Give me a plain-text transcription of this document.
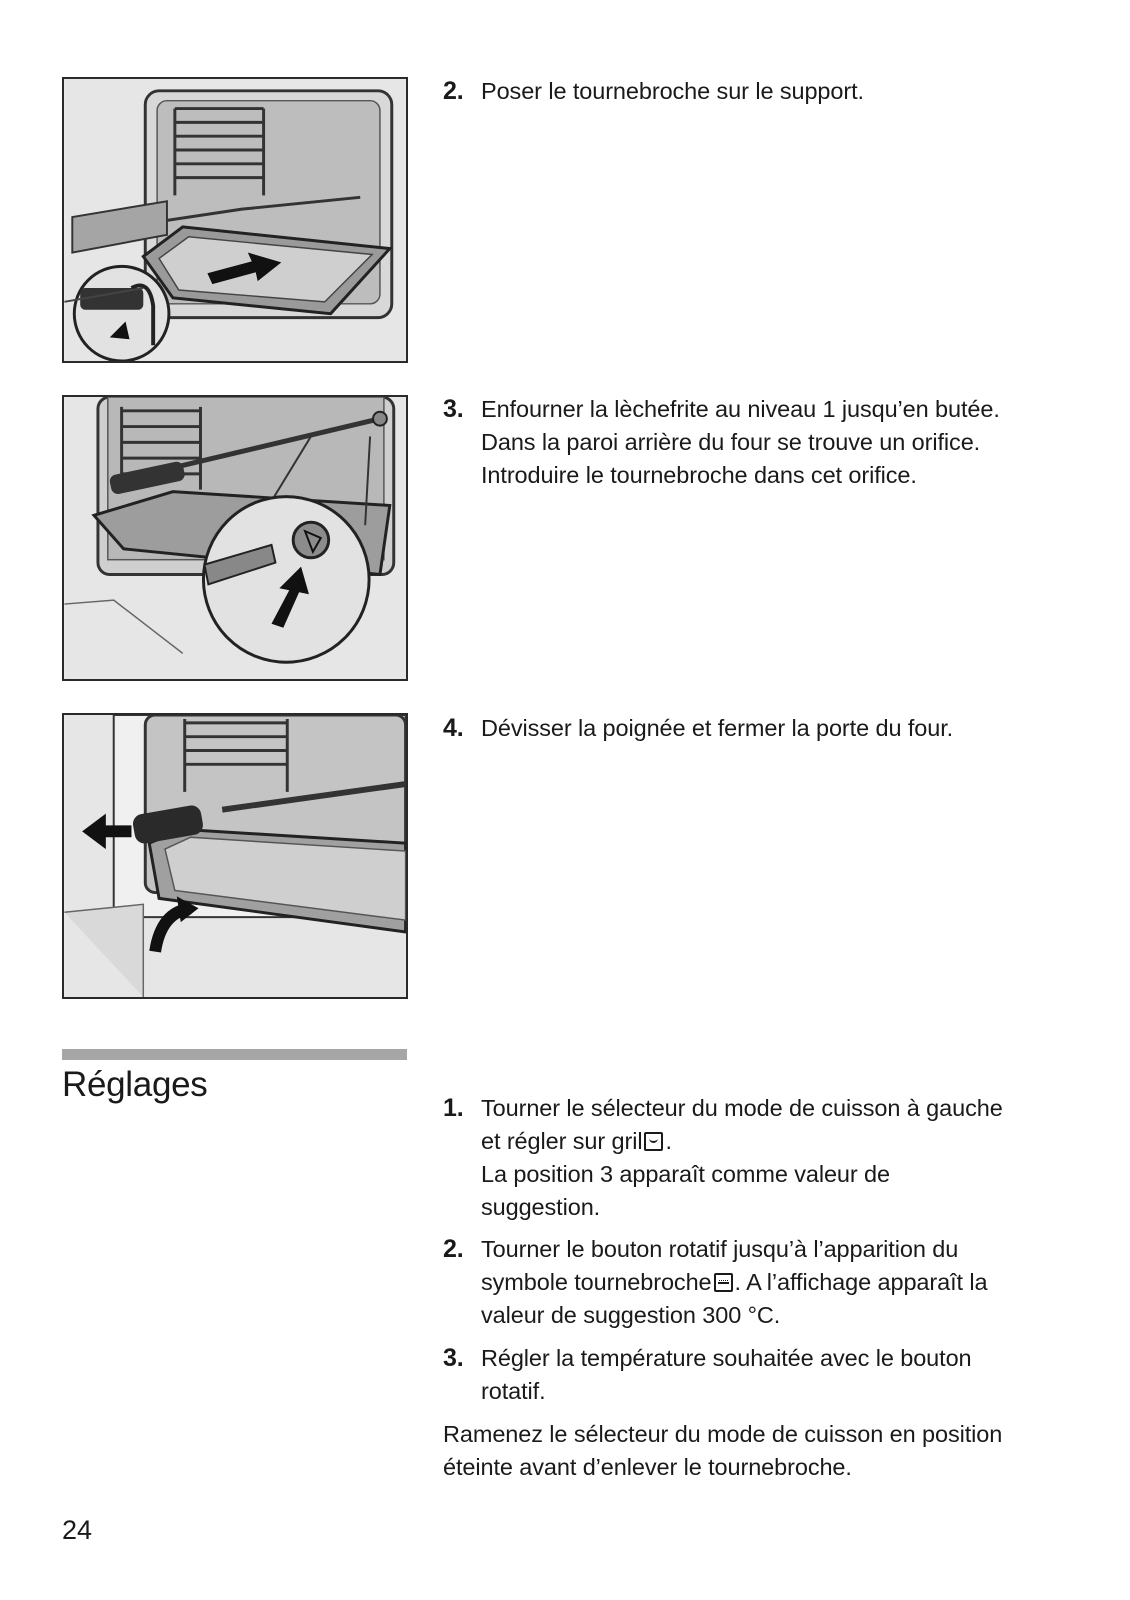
2. Poser le tournebroche sur le support.
3. Enfourner la lèchefrite au niveau 1 jusqu’en butée.
Dans la paroi arrière du four se trouve un orifice.
Introduire le tournebroche dans cet orifice.
4. Dévisser la poignée et fermer la porte du four.
Réglages
1. Tourner le sélecteur du mode de cuisson à gauche
et régler sur gril .
La position 3 apparaît comme valeur de
suggestion.
2. Tourner le bouton rotatif jusqu’à l’apparition du
symbole tournebroche . A l’affichage apparaît la
valeur de suggestion 300 °C.
3. Régler la température souhaitée avec le bouton
rotatif.
Ramenez le sélecteur du mode de cuisson en position
éteinte avant d’enlever le tournebroche.
24
